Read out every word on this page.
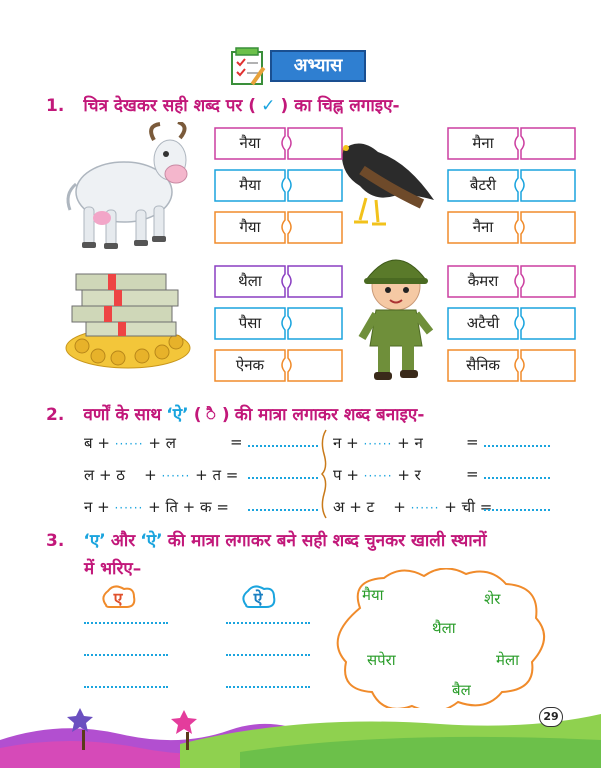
अभ्यास
1. चित्र देखकर सही शब्द पर ( ✓ ) का चिह्न लगाइए-
नैया
मैया
गैया
मैना
बैटरी
नैना
थैला
पैसा
ऐनक
कैमरा
अटैची
सैनिक
2. वर्णों के साथ ‘ऐ’ ( ै ) की मात्रा लगाकर शब्द बनाइए-
ब + ······ + ल	=
ल + ठ    + ······ + त =
न + ······ + ति + क =
न + ······ + न	=
प + ······ + र	=
अ + ट    + ······ + ची =
3. ‘ए’ और ‘ऐ’ की मात्रा लगाकर बने सही शब्द चुनकर खाली स्थानों
में भरिए–
ए	ऐ	मैया	शेर
थैला
सपेरा	मेला
बैल
29
